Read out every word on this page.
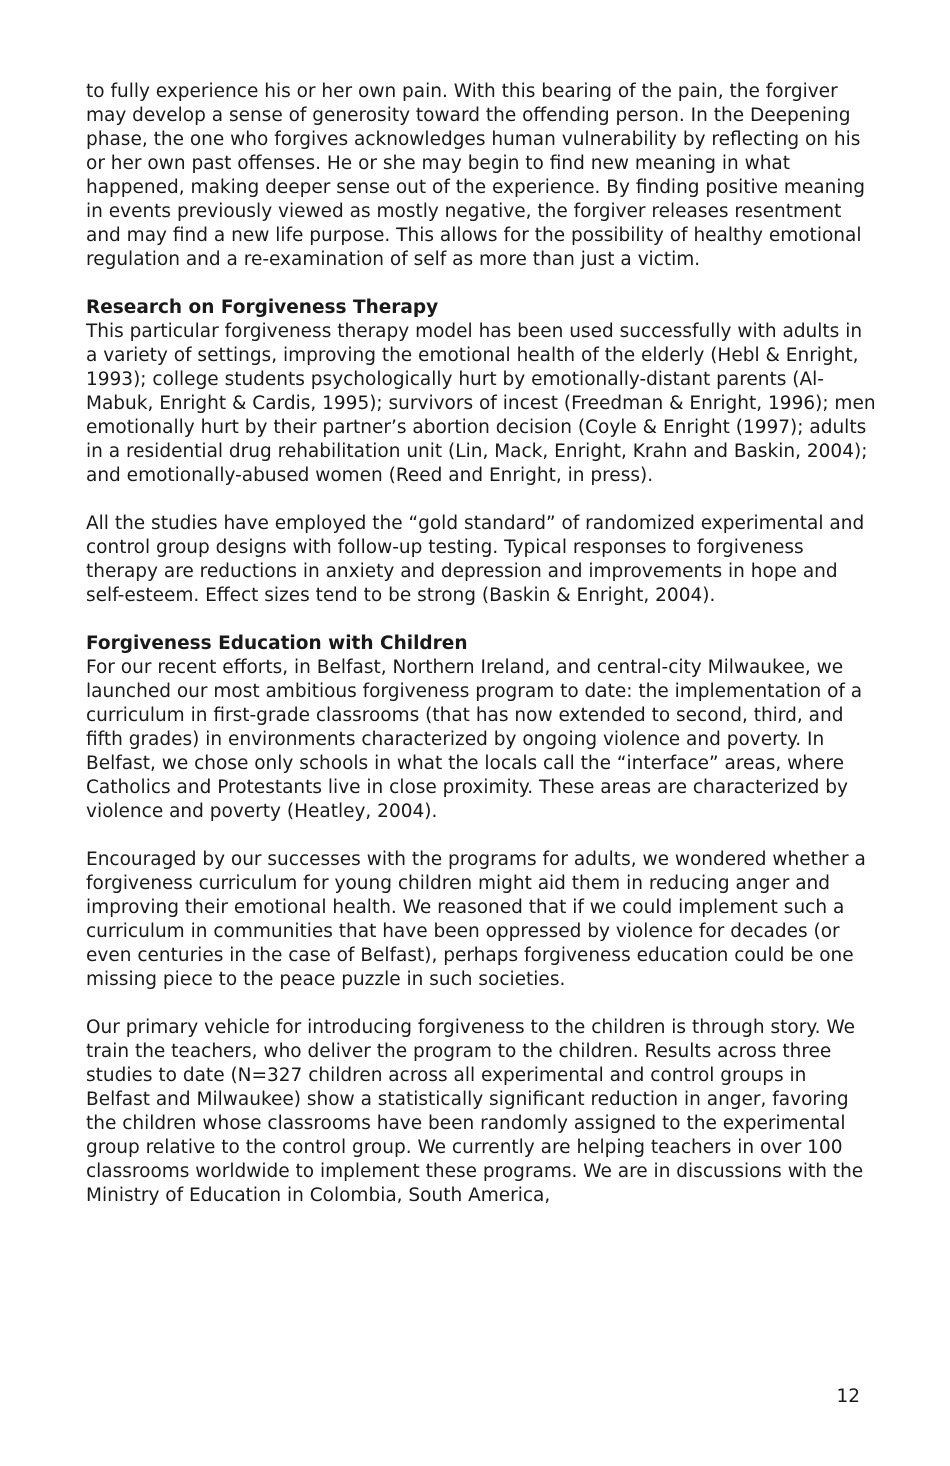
to fully experience his or her own pain. With this bearing of the pain, the forgiver may develop a sense of generosity toward the offending person. In the Deepening phase, the one who forgives acknowledges human vulnerability by reflecting on his or her own past offenses. He or she may begin to find new meaning in what happened, making deeper sense out of the experience. By finding positive meaning in events previously viewed as mostly negative, the forgiver releases resentment and may find a new life purpose. This allows for the possibility of healthy emotional regulation and a re-examination of self as more than just a victim.

Research on Forgiveness Therapy

This particular forgiveness therapy model has been used successfully with adults in a variety of settings, improving the emotional health of the elderly (Hebl & Enright, 1993); college students psychologically hurt by emotionally-distant parents (Al-Mabuk, Enright & Cardis, 1995); survivors of incest (Freedman & Enright, 1996); men emotionally hurt by their partner’s abortion decision (Coyle & Enright (1997); adults in a residential drug rehabilitation unit (Lin, Mack, Enright, Krahn and Baskin, 2004); and emotionally-abused women (Reed and Enright, in press).

All the studies have employed the “gold standard” of randomized experimental and control group designs with follow-up testing. Typical responses to forgiveness therapy are reductions in anxiety and depression and improvements in hope and self-esteem. Effect sizes tend to be strong (Baskin & Enright, 2004).

Forgiveness Education with Children

For our recent efforts, in Belfast, Northern Ireland, and central-city Milwaukee, we launched our most ambitious forgiveness program to date: the implementation of a curriculum in first-grade classrooms (that has now extended to second, third, and fifth grades) in environments characterized by ongoing violence and poverty. In Belfast, we chose only schools in what the locals call the “interface” areas, where Catholics and Protestants live in close proximity. These areas are characterized by violence and poverty (Heatley, 2004).

Encouraged by our successes with the programs for adults, we wondered whether a forgiveness curriculum for young children might aid them in reducing anger and improving their emotional health. We reasoned that if we could implement such a curriculum in communities that have been oppressed by violence for decades (or even centuries in the case of Belfast), perhaps forgiveness education could be one missing piece to the peace puzzle in such societies.

Our primary vehicle for introducing forgiveness to the children is through story. We train the teachers, who deliver the program to the children. Results across three studies to date (N=327 children across all experimental and control groups in Belfast and Milwaukee) show a statistically significant reduction in anger, favoring the children whose classrooms have been randomly assigned to the experimental group relative to the control group. We currently are helping teachers in over 100 classrooms worldwide to implement these programs. We are in discussions with the Ministry of Education in Colombia, South America,

12
